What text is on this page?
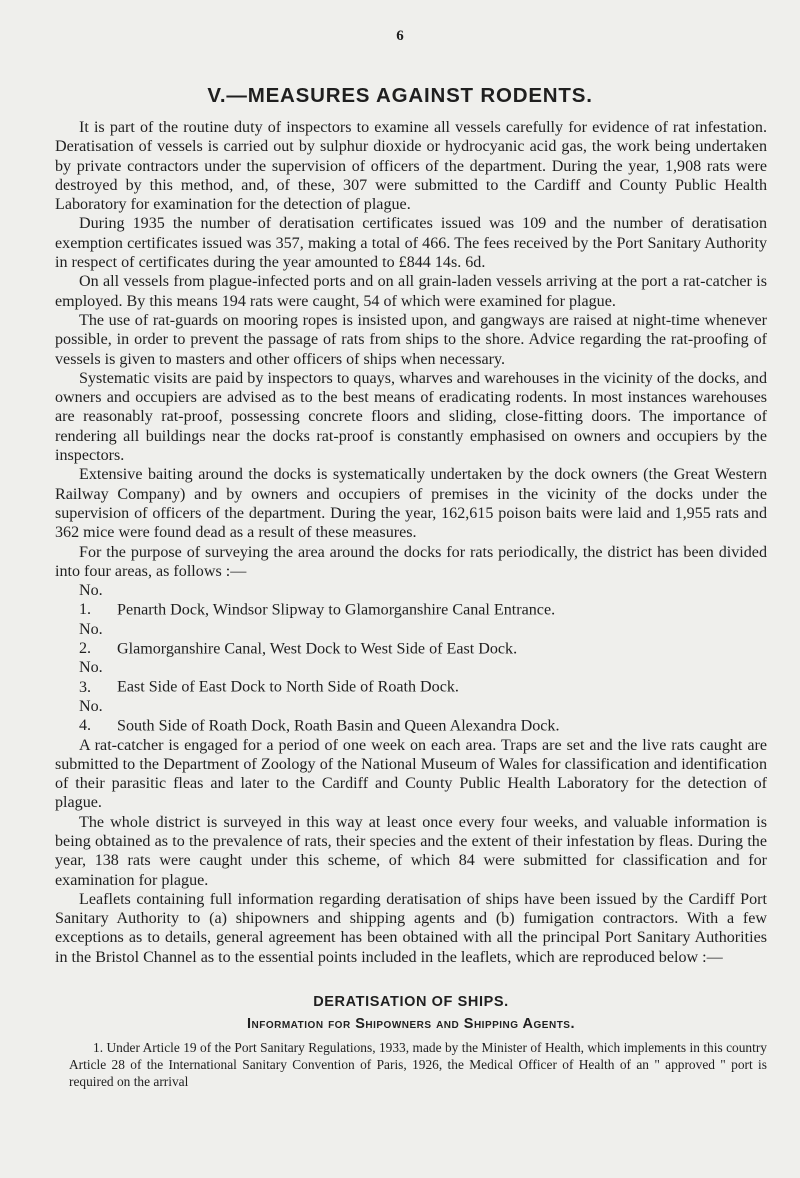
6
V.—MEASURES AGAINST RODENTS.

It is part of the routine duty of inspectors to examine all vessels carefully for evidence of rat infestation. Deratisation of vessels is carried out by sulphur dioxide or hydrocyanic acid gas, the work being undertaken by private contractors under the supervision of officers of the department. During the year, 1,908 rats were destroyed by this method, and, of these, 307 were submitted to the Cardiff and County Public Health Laboratory for examination for the detection of plague.

During 1935 the number of deratisation certificates issued was 109 and the number of deratisation exemption certificates issued was 357, making a total of 466. The fees received by the Port Sanitary Authority in respect of certificates during the year amounted to £844 14s. 6d.

On all vessels from plague-infected ports and on all grain-laden vessels arriving at the port a rat-catcher is employed. By this means 194 rats were caught, 54 of which were examined for plague.

The use of rat-guards on mooring ropes is insisted upon, and gangways are raised at night-time whenever possible, in order to prevent the passage of rats from ships to the shore. Advice regarding the rat-proofing of vessels is given to masters and other officers of ships when necessary.

Systematic visits are paid by inspectors to quays, wharves and warehouses in the vicinity of the docks, and owners and occupiers are advised as to the best means of eradicating rodents. In most instances warehouses are reasonably rat-proof, possessing concrete floors and sliding, close-fitting doors. The importance of rendering all buildings near the docks rat-proof is constantly emphasised on owners and occupiers by the inspectors.

Extensive baiting around the docks is systematically undertaken by the dock owners (the Great Western Railway Company) and by owners and occupiers of premises in the vicinity of the docks under the supervision of officers of the department. During the year, 162,615 poison baits were laid and 1,955 rats and 362 mice were found dead as a result of these measures.

For the purpose of surveying the area around the docks for rats periodically, the district has been divided into four areas, as follows :—

No. 1. Penarth Dock, Windsor Slipway to Glamorganshire Canal Entrance.
No. 2. Glamorganshire Canal, West Dock to West Side of East Dock.
No. 3. East Side of East Dock to North Side of Roath Dock.
No. 4. South Side of Roath Dock, Roath Basin and Queen Alexandra Dock.

A rat-catcher is engaged for a period of one week on each area. Traps are set and the live rats caught are submitted to the Department of Zoology of the National Museum of Wales for classification and identification of their parasitic fleas and later to the Cardiff and County Public Health Laboratory for the detection of plague.

The whole district is surveyed in this way at least once every four weeks, and valuable information is being obtained as to the prevalence of rats, their species and the extent of their infestation by fleas. During the year, 138 rats were caught under this scheme, of which 84 were submitted for classification and for examination for plague.

Leaflets containing full information regarding deratisation of ships have been issued by the Cardiff Port Sanitary Authority to (a) shipowners and shipping agents and (b) fumigation contractors. With a few exceptions as to details, general agreement has been obtained with all the principal Port Sanitary Authorities in the Bristol Channel as to the essential points included in the leaflets, which are reproduced below :—

DERATISATION OF SHIPS.
Information for Shipowners and Shipping Agents.

1. Under Article 19 of the Port Sanitary Regulations, 1933, made by the Minister of Health, which implements in this country Article 28 of the International Sanitary Convention of Paris, 1926, the Medical Officer of Health of an " approved " port is required on the arrival
